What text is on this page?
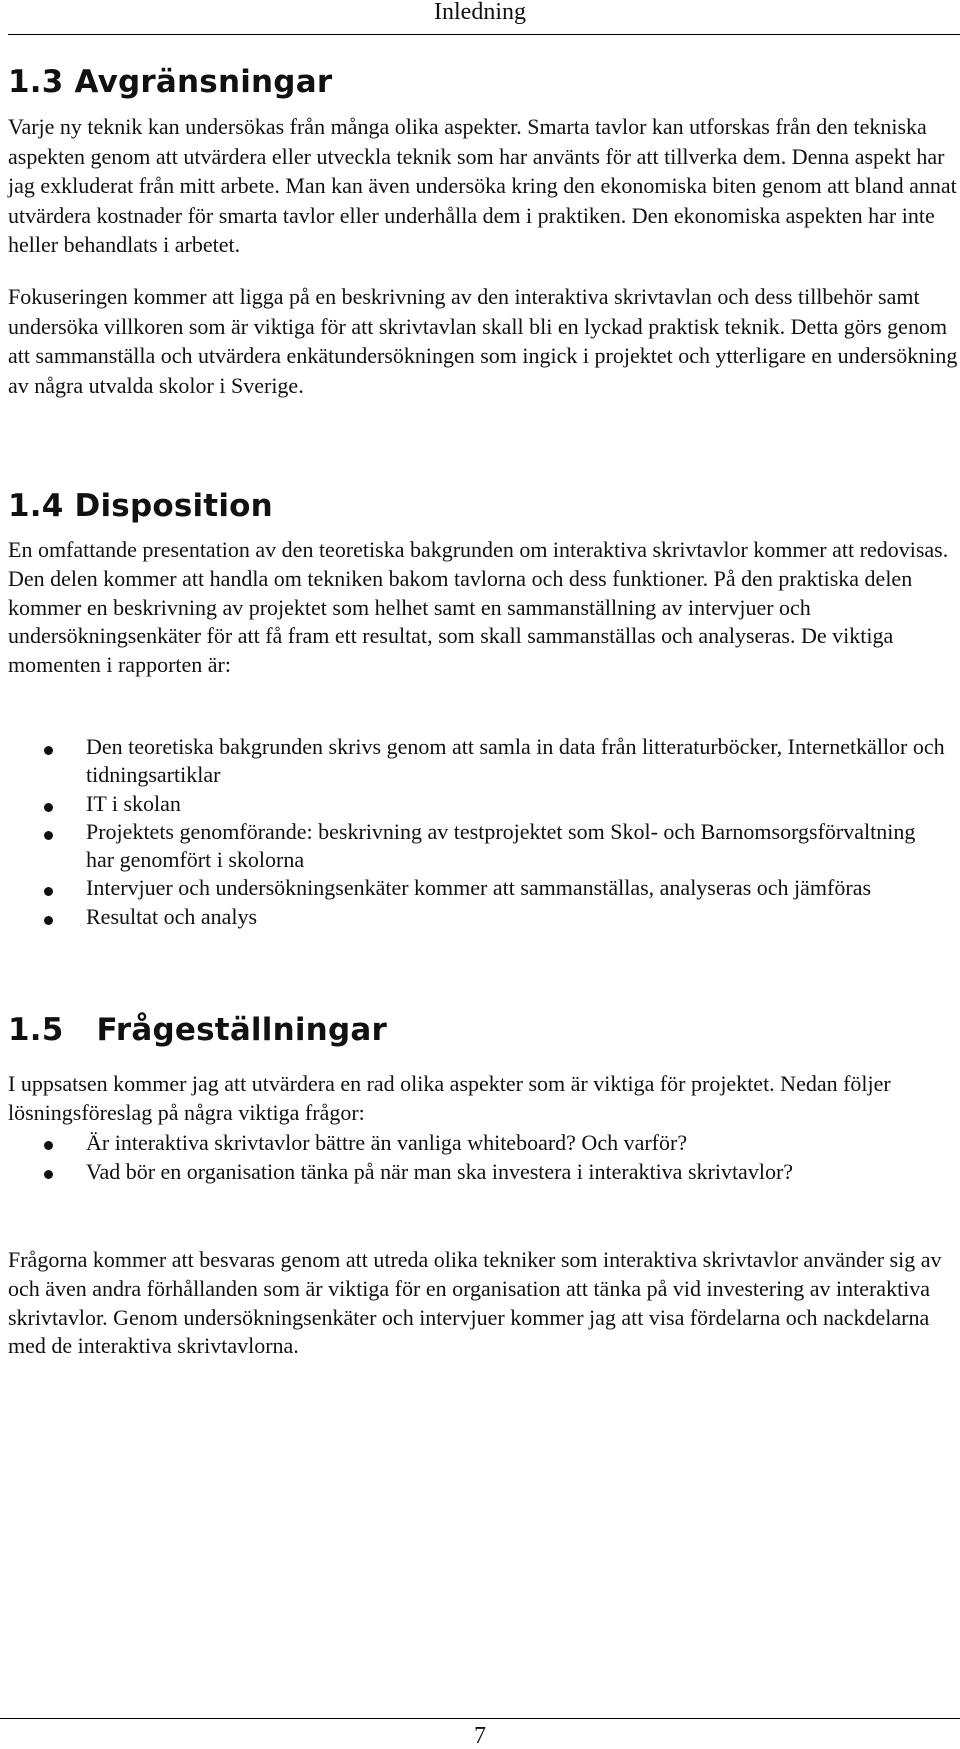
Inledning
1.3 Avgränsningar

Varje ny teknik kan undersökas från många olika aspekter. Smarta tavlor kan utforskas från den tekniska aspekten genom att utvärdera eller utveckla teknik som har använts för att tillverka dem. Denna aspekt har jag exkluderat från mitt arbete. Man kan även undersöka kring den ekonomiska biten genom att bland annat utvärdera kostnader för smarta tavlor eller underhålla dem i praktiken. Den ekonomiska aspekten har inte heller behandlats i arbetet.

Fokuseringen kommer att ligga på en beskrivning av den interaktiva skrivtavlan och dess tillbehör samt undersöka villkoren som är viktiga för att skrivtavlan skall bli en lyckad praktisk teknik. Detta görs genom att sammanställa och utvärdera enkätundersökningen som ingick i projektet och ytterligare en undersökning av några utvalda skolor i Sverige.

1.4 Disposition

En omfattande presentation av den teoretiska bakgrunden om interaktiva skrivtavlor kommer att redovisas. Den delen kommer att handla om tekniken bakom tavlorna och dess funktioner. På den praktiska delen kommer en beskrivning av projektet som helhet samt en sammanställning av intervjuer och undersökningsenkäter för att få fram ett resultat, som skall sammanställas och analyseras. De viktiga momenten i rapporten är:

Den teoretiska bakgrunden skrivs genom att samla in data från litteraturböcker, Internetkällor och tidningsartiklar
IT i skolan
Projektets genomförande: beskrivning av testprojektet som Skol- och Barnomsorgsförvaltning har genomfört i skolorna
Intervjuer och undersökningsenkäter kommer att sammanställas, analyseras och jämföras
Resultat och analys
1.5 Frågeställningar

I uppsatsen kommer jag att utvärdera en rad olika aspekter som är viktiga för projektet. Nedan följer lösningsföreslag på några viktiga frågor:

Är interaktiva skrivtavlor bättre än vanliga whiteboard? Och varför?
Vad bör en organisation tänka på när man ska investera i interaktiva skrivtavlor?

Frågorna kommer att besvaras genom att utreda olika tekniker som interaktiva skrivtavlor använder sig av och även andra förhållanden som är viktiga för en organisation att tänka på vid investering av interaktiva skrivtavlor. Genom undersökningsenkäter och intervjuer kommer jag att visa fördelarna och nackdelarna med de interaktiva skrivtavlorna.

7
